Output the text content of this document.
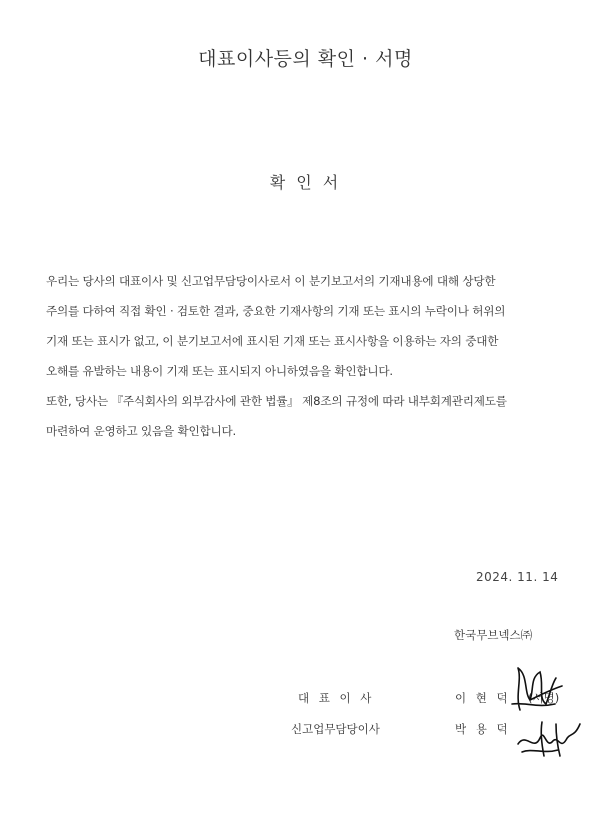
대표이사등의 확인 · 서명
확 인 서
우리는 당사의 대표이사 및 신고업무담당이사로서 이 분기보고서의 기재내용에 대해 상당한
주의를 다하여 직접 확인 · 검토한 결과, 중요한 기재사항의 기재 또는 표시의 누락이나 허위의
기재 또는 표시가 없고, 이 분기보고서에 표시된 기재 또는 표시사항을 이용하는 자의 중대한
오해를 유발하는 내용이 기재 또는 표시되지 아니하였음을 확인합니다.
또한, 당사는 『주식회사의 외부감사에 관한 법률』 제8조의 규정에 따라 내부회계관리제도를
마련하여 운영하고 있음을 확인합니다.
2024. 11. 14
한국무브넥스㈜
대 표 이 사	이 현 덕 (서명)
신고업무담당이사	박 용 덕
